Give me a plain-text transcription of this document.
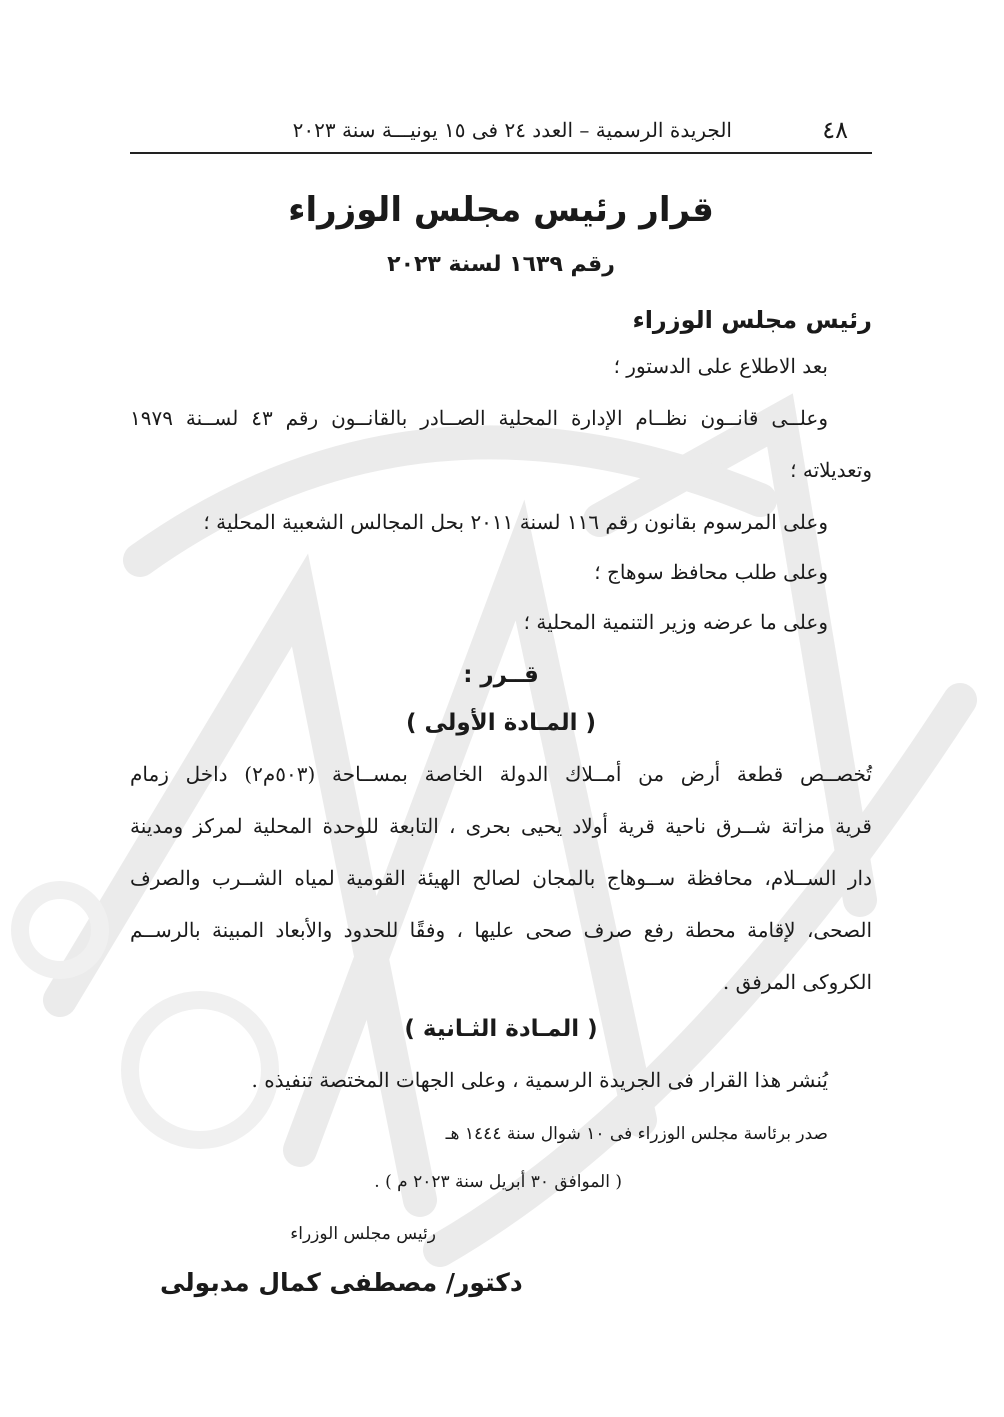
٤٨
الجريدة الرسمية – العدد ٢٤ فى ١٥ يونيـــة سنة ٢٠٢٣
قرار رئيس مجلس الوزراء
رقم ١٦٣٩ لسنة ٢٠٢٣
رئيس مجلس الوزراء
بعد الاطلاع على الدستور ؛
وعلــى قانــون نظــام الإدارة المحلية الصــادر بالقانــون رقم ٤٣ لســنة ١٩٧٩
وتعديلاته ؛
وعلى المرسوم بقانون رقم ١١٦ لسنة ٢٠١١ بحل المجالس الشعبية المحلية ؛
وعلى طلب محافظ سوهاج ؛
وعلى ما عرضه وزير التنمية المحلية ؛
قــرر :
( المـادة الأولى )
تُخصــص قطعة أرض من أمــلاك الدولة الخاصة بمســاحة (٥٠٣م٢) داخل زمام
قرية مزاتة شــرق ناحية قرية أولاد يحيى بحرى ، التابعة للوحدة المحلية لمركز ومدينة
دار الســلام، محافظة ســوهاج بالمجان لصالح الهيئة القومية لمياه الشــرب والصرف
الصحى، لإقامة محطة رفع صرف صحى عليها ، وفقًا للحدود والأبعاد المبينة بالرســم
الكروكى المرفق .
( المـادة الثـانية )
يُنشر هذا القرار فى الجريدة الرسمية ، وعلى الجهات المختصة تنفيذه .
صدر برئاسة مجلس الوزراء فى ١٠ شوال سنة ١٤٤٤ هـ
( الموافق ٣٠ أبريل سنة ٢٠٢٣ م ) .
رئيس مجلس الوزراء
دكتور/ مصطفى كمال مدبولى
